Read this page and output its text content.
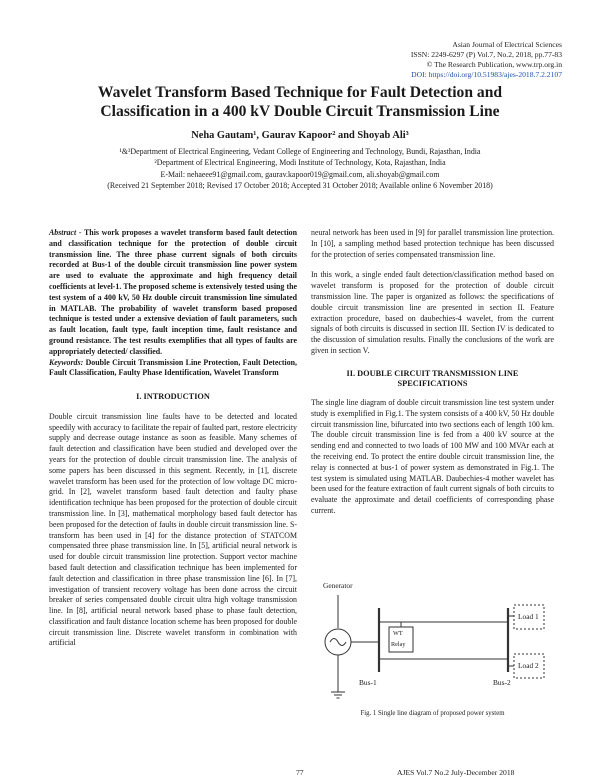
Asian Journal of Electrical Sciences
ISSN: 2249-6297 (P) Vol.7, No.2, 2018, pp.77-83
© The Research Publication, www.trp.org.in
DOI: https://doi.org/10.51983/ajes-2018.7.2.2107
Wavelet Transform Based Technique for Fault Detection and
Classification in a 400 kV Double Circuit Transmission Line
Neha Gautam¹, Gaurav Kapoor² and Shoyab Ali³
¹&³Department of Electrical Engineering, Vedant College of Engineering and Technology, Bundi, Rajasthan, India
²Department of Electrical Engineering, Modi Institute of Technology, Kota, Rajasthan, India
E-Mail: nehaeee91@gmail.com, gaurav.kapoor019@gmail.com, ali.shoyab@gmail.com
(Received 21 September 2018; Revised 17 October 2018; Accepted 31 October 2018; Available online 6 November 2018)

Abstract - This work proposes a wavelet transform based fault detection and classification technique for the protection of double circuit transmission line. The three phase current signals of both circuits recorded at Bus-1 of the double circuit transmission line power system are used to evaluate the approximate and high frequency detail coefficients at level-1. The proposed scheme is extensively tested using the test system of a 400 kV, 50 Hz double circuit transmission line simulated in MATLAB. The probability of wavelet transform based proposed technique is tested under a extensive deviation of fault parameters, such as fault location, fault type, fault inception time, fault resistance and ground resistance. The test results exemplifies that all types of faults are appropriately detected/ classified.

Keywords: Double Circuit Transmission Line Protection, Fault Detection, Fault Classification, Faulty Phase Identification, Wavelet Transform

I. INTRODUCTION

Double circuit transmission line faults have to be detected and located speedily with accuracy to facilitate the repair of faulted part, restore electricity supply and decrease outage instance as soon as feasible. Many schemes of fault detection and classification have been studied and developed over the years for the protection of double circuit transmission line. The analysis of some papers has been discussed in this segment. Recently, in [1], discrete wavelet transform has been used for the protection of low voltage DC micro-grid. In [2], wavelet transform based fault detection and faulty phase identification technique has been proposed for the protection of double circuit transmission line. In [3], mathematical morphology based fault detector has been proposed for the detection of faults in double circuit transmission line. S-transform has been used in [4] for the distance protection of STATCOM compensated three phase transmission line. In [5], artificial neural network is used for double circuit transmission line protection. Support vector machine based fault detection and classification technique has been implemented for fault detection and classification in three phase transmission line [6]. In [7], investigation of transient recovery voltage has been done across the circuit breaker of series compensated double circuit ultra high voltage transmission line. In [8], artificial neural network based phase to phase fault detection, classification and fault distance location scheme has been proposed for double circuit transmission line. Discrete wavelet transform in combination with artificial

neural network has been used in [9] for parallel transmission line protection. In [10], a sampling method based protection technique has been discussed for the protection of series compensated transmission line.

In this work, a single ended fault detection/classification method based on wavelet transform is proposed for the protection of double circuit transmission line. The paper is organized as follows: the specifications of double circuit transmission line are presented in section II. Feature extraction procedure, based on daubechies-4 wavelet, from the current signals of both circuits is discussed in section III. Section IV is dedicated to the discussion of simulation results. Finally the conclusions of the work are given in section V.

II. DOUBLE CIRCUIT TRANSMISSION LINE
SPECIFICATIONS

The single line diagram of double circuit transmission line test system under study is exemplified in Fig.1. The system consists of a 400 kV, 50 Hz double circuit transmission line, bifurcated into two sections each of length 100 km. The double circuit transmission line is fed from a 400 kV source at the sending end and connected to two loads of 100 MW and 100 MVAr each at the receiving end. To protect the entire double circuit transmission line, the relay is connected at bus-1 of power system as demonstrated in Fig.1. The test system is simulated using MATLAB. Daubechies-4 mother wavelet has been used for the feature extraction of fault current signals of both circuits to evaluate the approximate and detail coefficients of corresponding phase current.

Generator
WT
Relay
Load 1
Load 2
Bus-1	Bus-2
Fig. 1 Single line diagram of proposed power system
77	AJES Vol.7 No.2 July-December 2018
